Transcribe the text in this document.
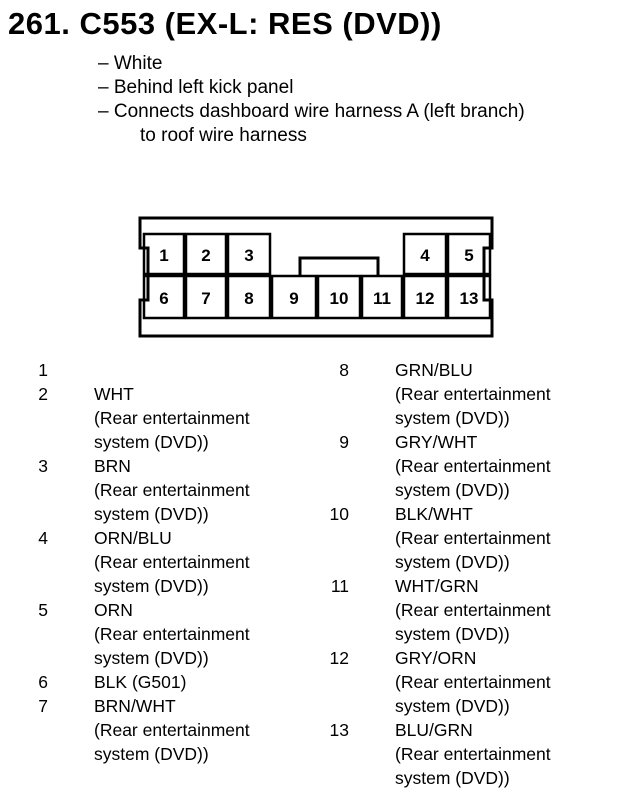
261. C553 (EX-L: RES (DVD))
– White
– Behind left kick panel
– Connects dashboard wire harness A (left branch)
to roof wire harness
1 2 3	4 5
6 7 8 9 10 11 12 13
1
2	WHT
(Rear entertainment
system (DVD))
3	BRN
(Rear entertainment
system (DVD))
4	ORN/BLU
(Rear entertainment
system (DVD))
5	ORN
(Rear entertainment
system (DVD))
6	BLK (G501)
7	BRN/WHT
(Rear entertainment
system (DVD))
8	GRN/BLU
(Rear entertainment
system (DVD))
9	GRY/WHT
(Rear entertainment
system (DVD))
10	BLK/WHT
(Rear entertainment
system (DVD))
11	WHT/GRN
(Rear entertainment
system (DVD))
12	GRY/ORN
(Rear entertainment
system (DVD))
13	BLU/GRN
(Rear entertainment
system (DVD))
